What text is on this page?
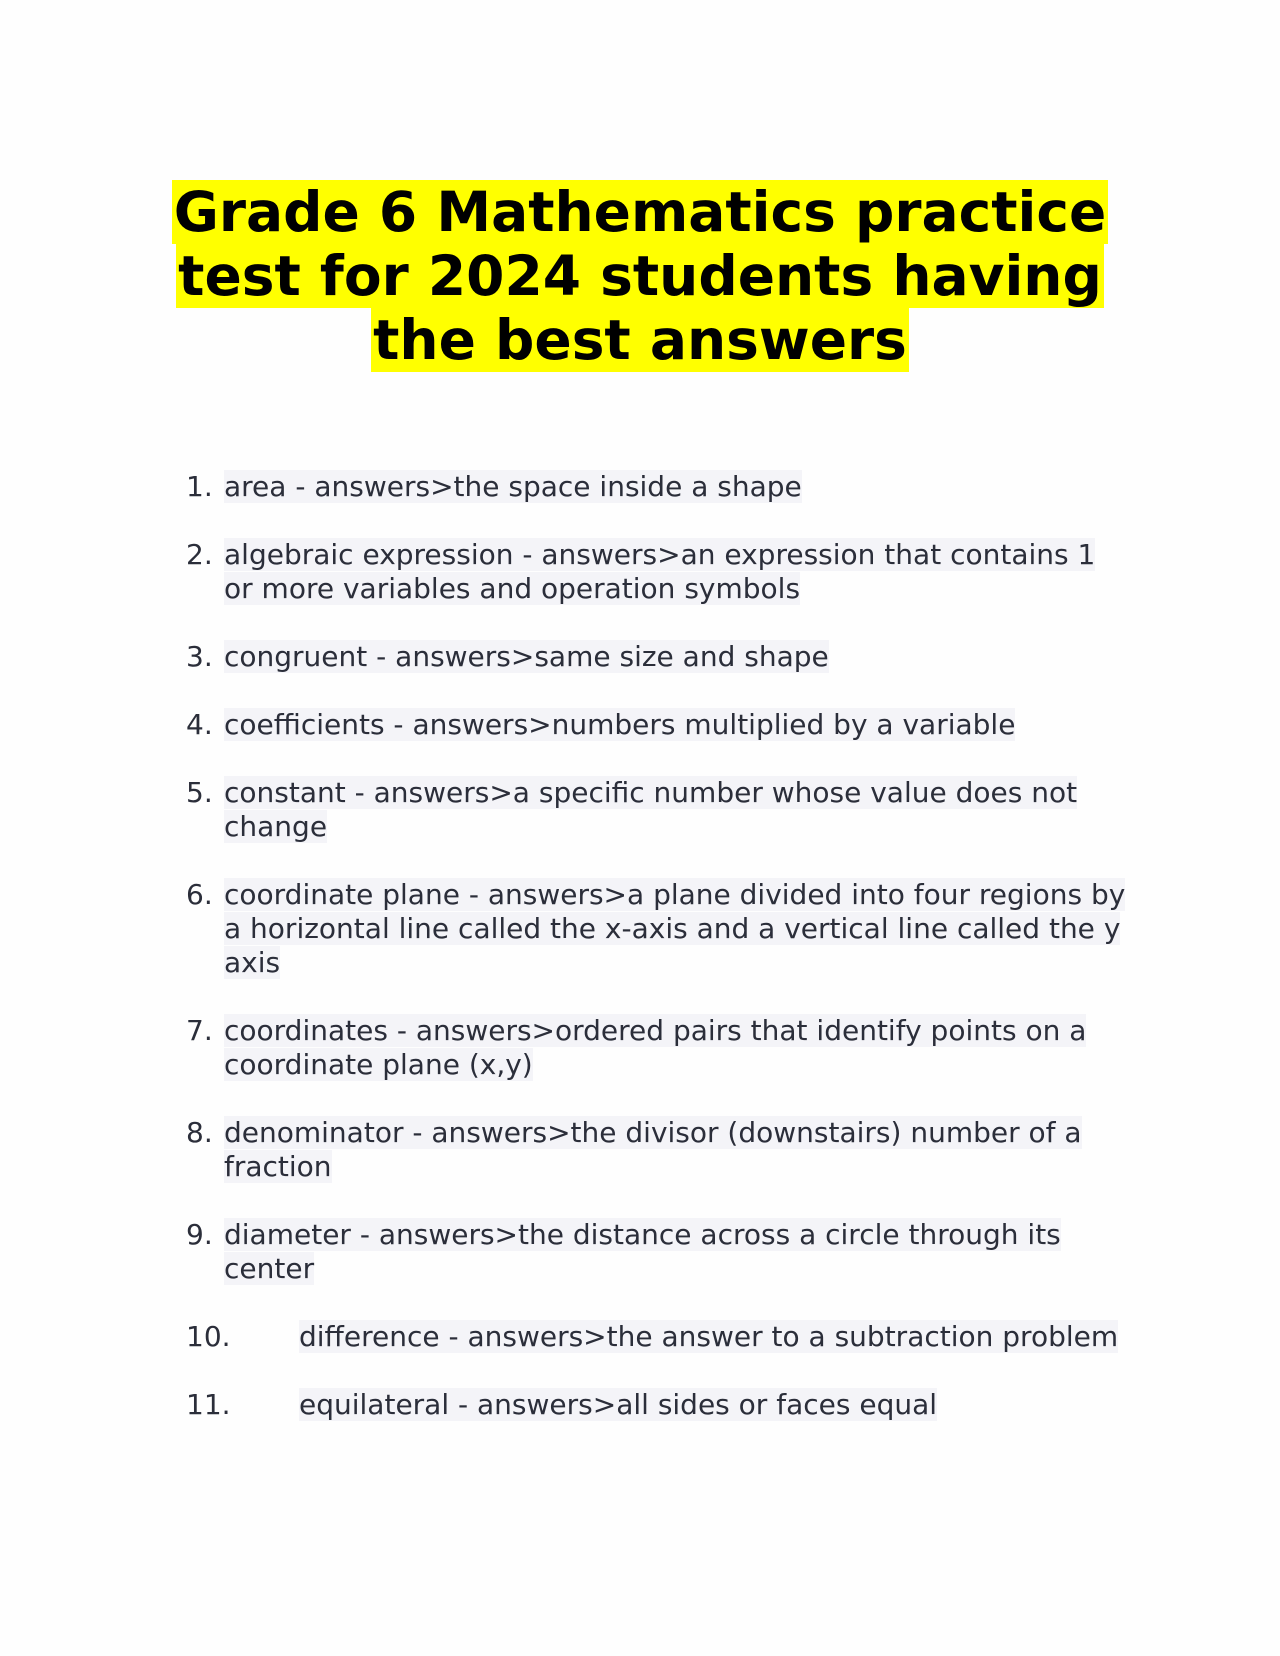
Grade 6 Mathematics practice test for 2024 students having the best answers
1. area - answers>the space inside a shape
2. algebraic expression - answers>an expression that contains 1 or more variables and operation symbols
3. congruent - answers>same size and shape
4. coefficients - answers>numbers multiplied by a variable
5. constant - answers>a specific number whose value does not change
6. coordinate plane - answers>a plane divided into four regions by a horizontal line called the x-axis and a vertical line called the y axis
7. coordinates - answers>ordered pairs that identify points on a coordinate plane (x,y)
8. denominator - answers>the divisor (downstairs) number of a fraction
9. diameter - answers>the distance across a circle through its center
10. difference - answers>the answer to a subtraction problem
11. equilateral - answers>all sides or faces equal
